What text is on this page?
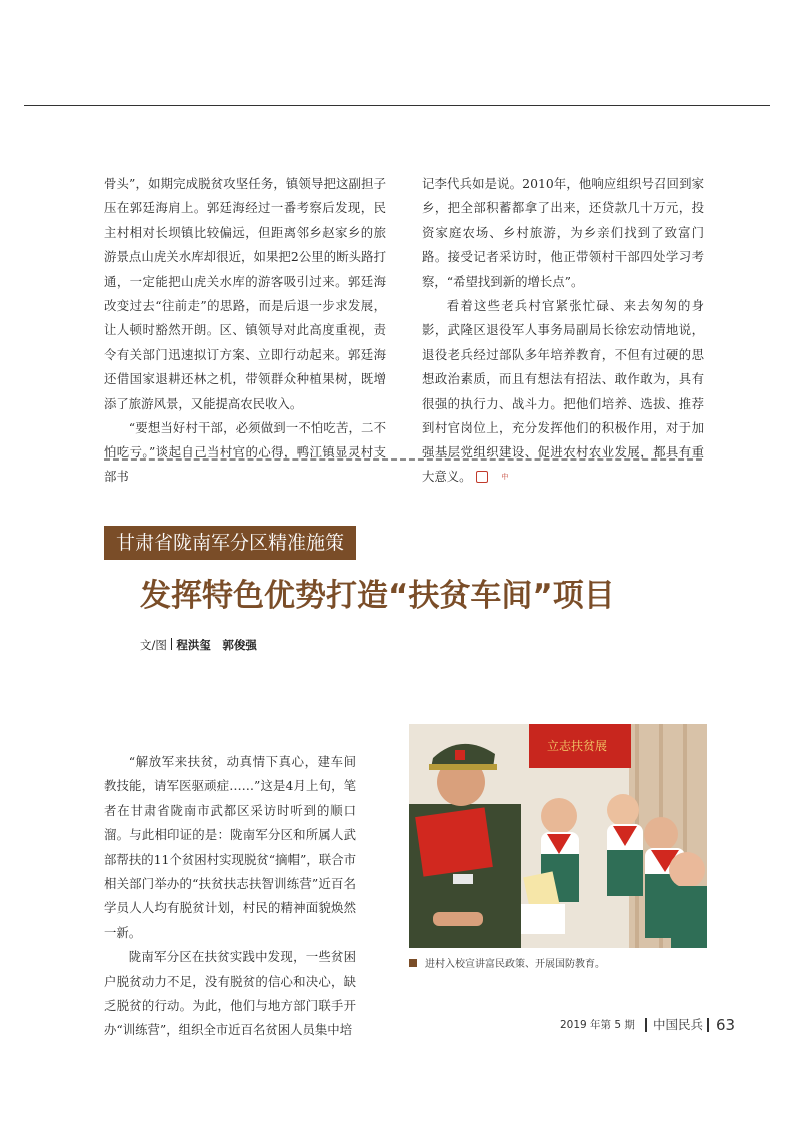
骨头”，如期完成脱贫攻坚任务，镇领导把这副担子压在郭廷海肩上。郭廷海经过一番考察后发现，民主村相对长坝镇比较偏远，但距离邻乡赵家乡的旅游景点山虎关水库却很近，如果把2公里的断头路打通，一定能把山虎关水库的游客吸引过来。郭廷海改变过去“往前走”的思路，而是后退一步求发展，让人顿时豁然开朗。区、镇领导对此高度重视，责令有关部门迅速拟订方案、立即行动起来。郭廷海还借国家退耕还林之机，带领群众种植果树，既增添了旅游风景，又能提高农民收入。

“要想当好村干部，必须做到一不怕吃苦，二不怕吃亏。”谈起自己当村官的心得，鸭江镇显灵村支部书

记李代兵如是说。2010年，他响应组织号召回到家乡，把全部积蓄都拿了出来，还贷款几十万元，投资家庭农场、乡村旅游，为乡亲们找到了致富门路。接受记者采访时，他正带领村干部四处学习考察，“希望找到新的增长点”。

看着这些老兵村官紧张忙碌、来去匆匆的身影，武隆区退役军人事务局副局长徐宏动情地说，退役老兵经过部队多年培养教育，不但有过硬的思想政治素质，而且有想法有招法、敢作敢为，具有很强的执行力、战斗力。把他们培养、选拔、推荐到村官岗位上，充分发挥他们的积极作用，对于加强基层党组织建设、促进农村农业发展，都具有重大意义。	中

甘肃省陇南军分区精准施策
发挥特色优势打造“扶贫车间”项目
文/图 程洪玺　郭俊强

“解放军来扶贫，动真情下真心，建车间教技能，请军医驱顽症……”这是4月上旬，笔者在甘肃省陇南市武都区采访时听到的顺口溜。与此相印证的是：陇南军分区和所属人武部帮扶的11个贫困村实现脱贫“摘帽”，联合市相关部门举办的“扶贫扶志扶智训练营”近百名学员人人均有脱贫计划，村民的精神面貌焕然一新。

陇南军分区在扶贫实践中发现，一些贫困户脱贫动力不足，没有脱贫的信心和决心，缺乏脱贫的行动。为此，他们与地方部门联手开办“训练营”，组织全市近百名贫困人员集中培

立志扶贫展
进村入校宣讲富民政策、开展国防教育。
2019 年第 5 期 中国民兵 63
